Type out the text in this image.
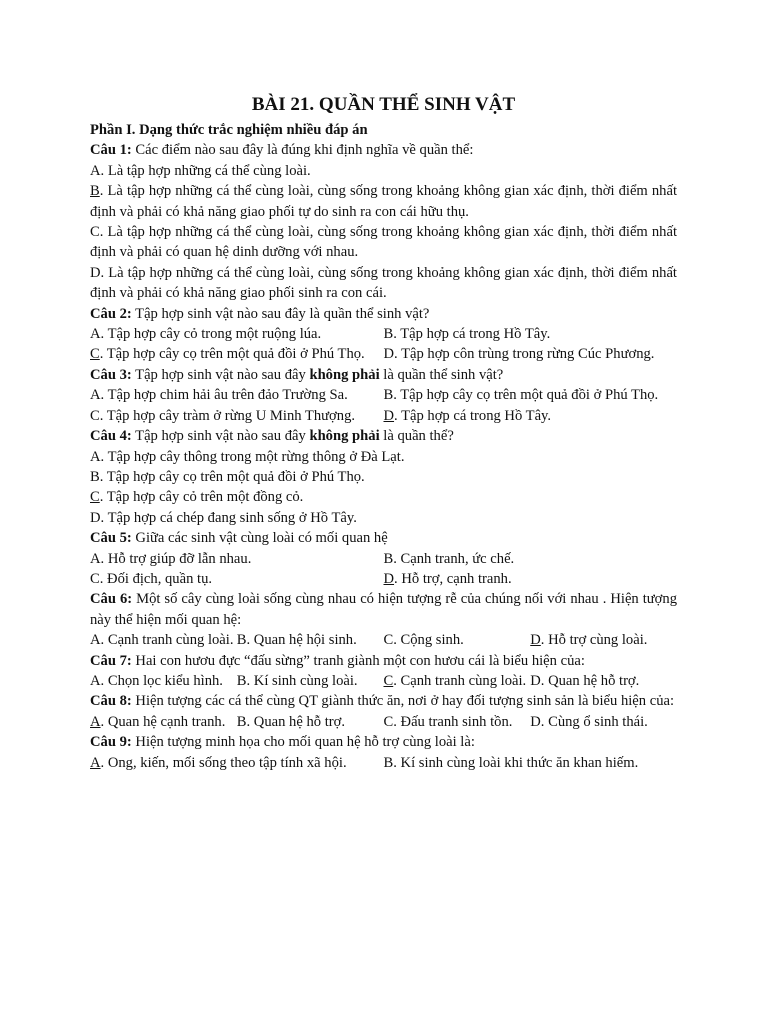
BÀI 21. QUẦN THỂ SINH VẬT

Phần I. Dạng thức trắc nghiệm nhiều đáp án

Câu 1: Các điểm nào sau đây là đúng khi định nghĩa về quần thể:

A. Là tập hợp những cá thể cùng loài.

B. Là tập hợp những cá thể cùng loài, cùng sống trong khoảng không gian xác định, thời điểm nhất định và phải có khả năng giao phối tự do sinh ra con cái hữu thụ.

C. Là tập hợp những cá thể cùng loài, cùng sống trong khoảng không gian xác định, thời điểm nhất định và phải có quan hệ dinh dưỡng với nhau.

D. Là tập hợp những cá thể cùng loài, cùng sống trong khoảng không gian xác định, thời điểm nhất định và phải có khả năng giao phối sinh ra con cái.

Câu 2: Tập hợp sinh vật nào sau đây là quần thể sinh vật?

A. Tập hợp cây cỏ trong một ruộng lúa.	B. Tập hợp cá trong Hồ Tây.
C. Tập hợp cây cọ trên một quả đồi ở Phú Thọ.	D. Tập hợp côn trùng trong rừng Cúc Phương.

Câu 3: Tập hợp sinh vật nào sau đây không phải là quần thể sinh vật?

A. Tập hợp chim hải âu trên đảo Trường Sa.	B. Tập hợp cây cọ trên một quả đồi ở Phú Thọ.
C. Tập hợp cây tràm ở rừng U Minh Thượng.	D. Tập hợp cá trong Hồ Tây.

Câu 4: Tập hợp sinh vật nào sau đây không phải là quần thể?

A. Tập hợp cây thông trong một rừng thông ở Đà Lạt.

B. Tập hợp cây cọ trên một quả đồi ở Phú Thọ.

C. Tập hợp cây cỏ trên một đồng cỏ.

D. Tập hợp cá chép đang sinh sống ở Hồ Tây.

Câu 5: Giữa các sinh vật cùng loài có mối quan hệ

A. Hỗ trợ giúp đỡ lẫn nhau.	B. Cạnh tranh, ức chế.
C. Đối địch, quần tụ.	D. Hỗ trợ, cạnh tranh.

Câu 6: Một số cây cùng loài sống cùng nhau có hiện tượng rễ của chúng nối với nhau . Hiện tượng này thể hiện mối quan hệ:

A. Cạnh tranh cùng loài. B. Quan hệ hội sinh.	C. Cộng sinh.	D. Hỗ trợ cùng loài.

Câu 7: Hai con hươu đực “đấu sừng” tranh giành một con hươu cái là biểu hiện của:

A. Chọn lọc kiểu hình. B. Kí sinh cùng loài.	C. Cạnh tranh cùng loài. D. Quan hệ hỗ trợ.

Câu 8: Hiện tượng các cá thể cùng QT giành thức ăn, nơi ở hay đối tượng sinh sản là biểu hiện của:

A. Quan hệ cạnh tranh. B. Quan hệ hỗ trợ.	C. Đấu tranh sinh tồn.	D. Cùng ổ sinh thái.

Câu 9: Hiện tượng minh họa cho mối quan hệ hỗ trợ cùng loài là:

A. Ong, kiến, mối sống theo tập tính xã hội.	B. Kí sinh cùng loài khi thức ăn khan hiếm.
